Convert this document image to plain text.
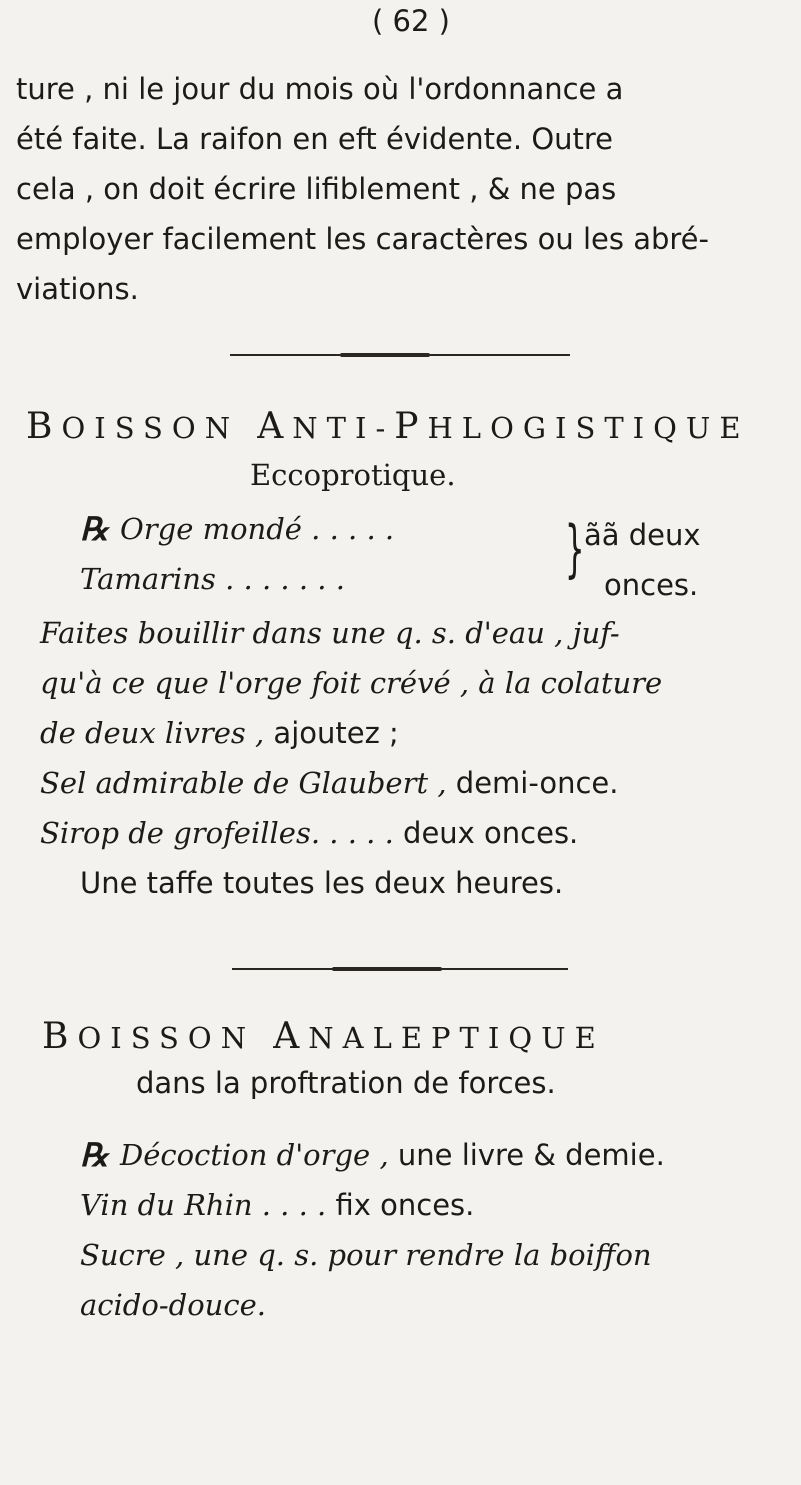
( 62 )
ture , ni le jour du mois où l'ordonnance a
été faite. La raifon en eft évidente. Outre
cela , on doit écrire lifiblement , & ne pas
employer facilement les caractères ou les abré-
viations.
BOISSON ANTI-PHLOGISTIQUE
Eccoprotique.
℞ Orge mondé . . . . .
Tamarins . . . . . . .	} ãã deux
onces.
Faites bouillir dans une q. s. d'eau , juf-
qu'à ce que l'orge foit crévé , à la colature
de deux livres , ajoutez ;
Sel admirable de Glaubert , demi-once.
Sirop de grofeilles. . . . . deux onces.
Une taffe toutes les deux heures.
BOISSON ANALEPTIQUE
dans la proftration de forces.
℞ Décoction d'orge , une livre & demie.
Vin du Rhin . . . . fix onces.
Sucre , une q. s. pour rendre la boiffon
acido-douce.
